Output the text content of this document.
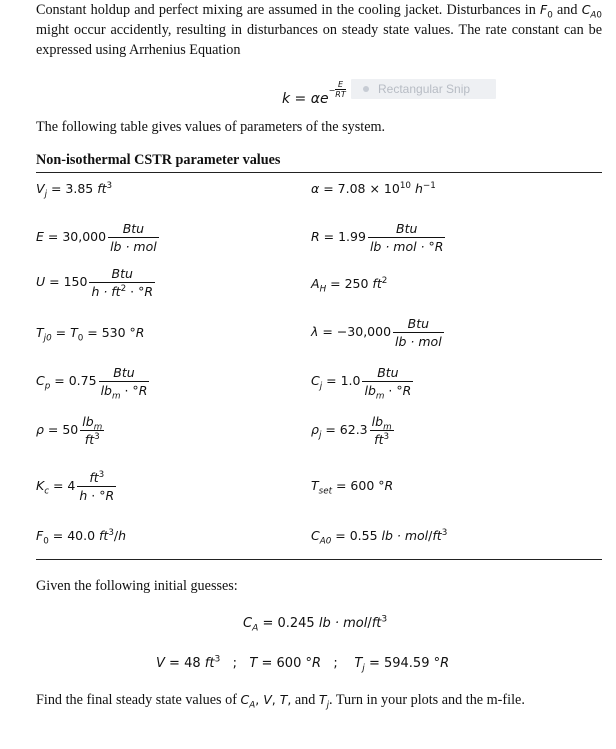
Constant holdup and perfect mixing are assumed in the cooling jacket. Disturbances in $F_0$ and $C_{A0}$ might occur accidently, resulting in disturbances on steady state values. The rate constant can be expressed using Arrhenius Equation
k = αe
− $\frac{E}{RT}$	Rectangular Snip
The following table gives values of parameters of the system.
Non-isothermal CSTR parameter values
$V_j = 3.85$ $ft^3$	$\alpha = 7.08 \times 10^{10}$ $h^{-1}$
$E = 30,000 \frac{\text{Btu}}{\text{lb · mol}}$	$R = 1.99 \frac{\text{Btu}}{\text{lb · mol · °R}}$
$U = 150 \frac{\text{Btu}}{h \cdot ft^2 \cdot ^\circ R}$	$A_H = 250$ $ft^2$
$T_{j0} = T_0 = 530$ °R	$\lambda = -30,000 \frac{\text{Btu}}{\text{lb · mol}}$
$C_p = 0.75 \frac{\text{Btu}}{lb_m \cdot ^\circ R}$	$C_j = 1.0 \frac{\text{Btu}}{lb_m \cdot ^\circ R}$
$\rho = 50 \frac{lb_m}{ft^3}$	$\rho_j = 62.3 \frac{lb_m}{ft^3}$
$K_c = 4 \frac{ft^3}{h \cdot ^\circ R}$	$T_{set} = 600$ °R
$F_0 = 40.0$ $ft^3/h$	$C_{A0} = 0.55$ lb · mol/$ft^3$
Given the following initial guesses:
$C_A = 0.245$ lb · mol/$ft^3$
V = 48 $ft^3$   ;   T = 600 °R   ;    $T_j = 594.59$ °R
Find the final steady state values of $C_A$, V, T, and $T_j$. Turn in your plots and the m-file.
